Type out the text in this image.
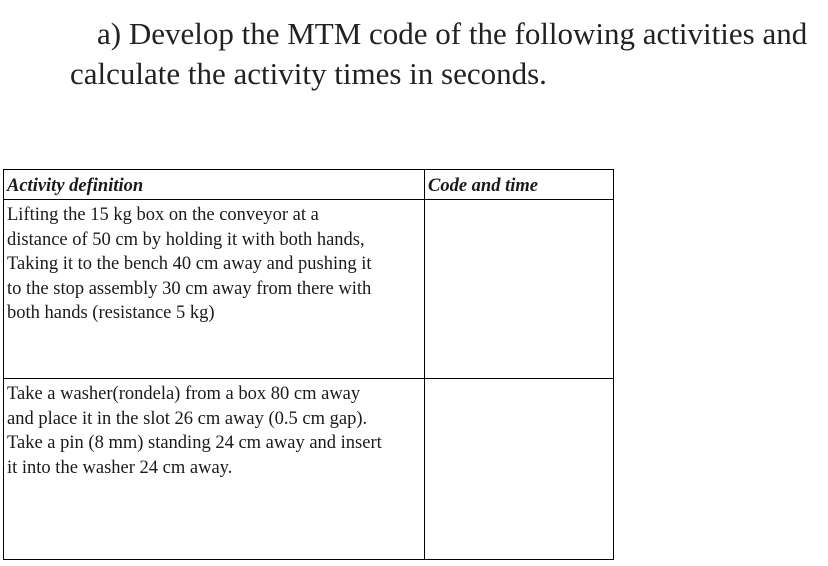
a) Develop the MTM code of the following activities and
calculate the activity times in seconds.
Activity definition	Code and time

Lifting the 15 kg box on the conveyor at a
distance of 50 cm by holding it with both hands,
Taking it to the bench 40 cm away and pushing it
to the stop assembly 30 cm away from there with
both hands (resistance 5 kg)	

Take a washer(rondela) from a box 80 cm away
and place it in the slot 26 cm away (0.5 cm gap).
Take a pin (8 mm) standing 24 cm away and insert
it into the washer 24 cm away.	
